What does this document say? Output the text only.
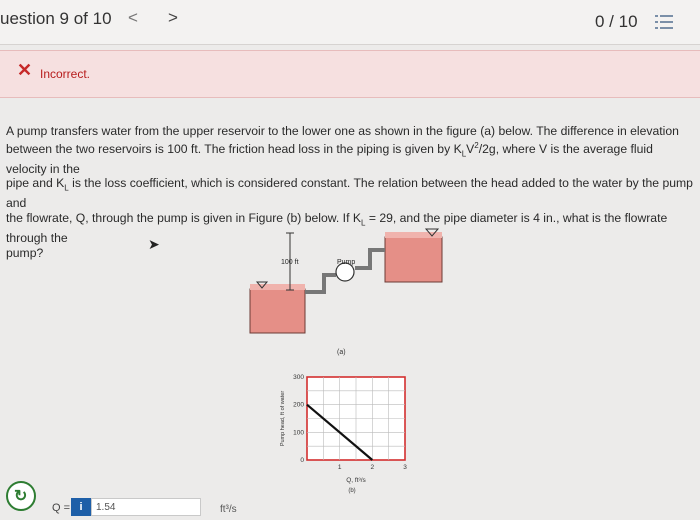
uestion 9 of 10 < >	0 / 10
✕ Incorrect.
A pump transfers water from the upper reservoir to the lower one as shown in the figure (a) below. The difference in elevation
between the two reservoirs is 100 ft. The friction head loss in the piping is given by $K_LV^2/2g$, where V is the average fluid velocity in the
pipe and $K_L$ is the loss coefficient, which is considered constant. The relation between the head added to the water by the pump and
the flowrate, Q, through the pump is given in Figure (b) below. If $K_L = 29$, and the pipe diameter is 4 in., what is the flowrate through the
pump?
➤
100 ft	Pump
(a)
0
100
200
300
1	2	3
Pump head, ft of water
Q, ft³/s
(b)
↻
Q = i
1.54	ft³/s
